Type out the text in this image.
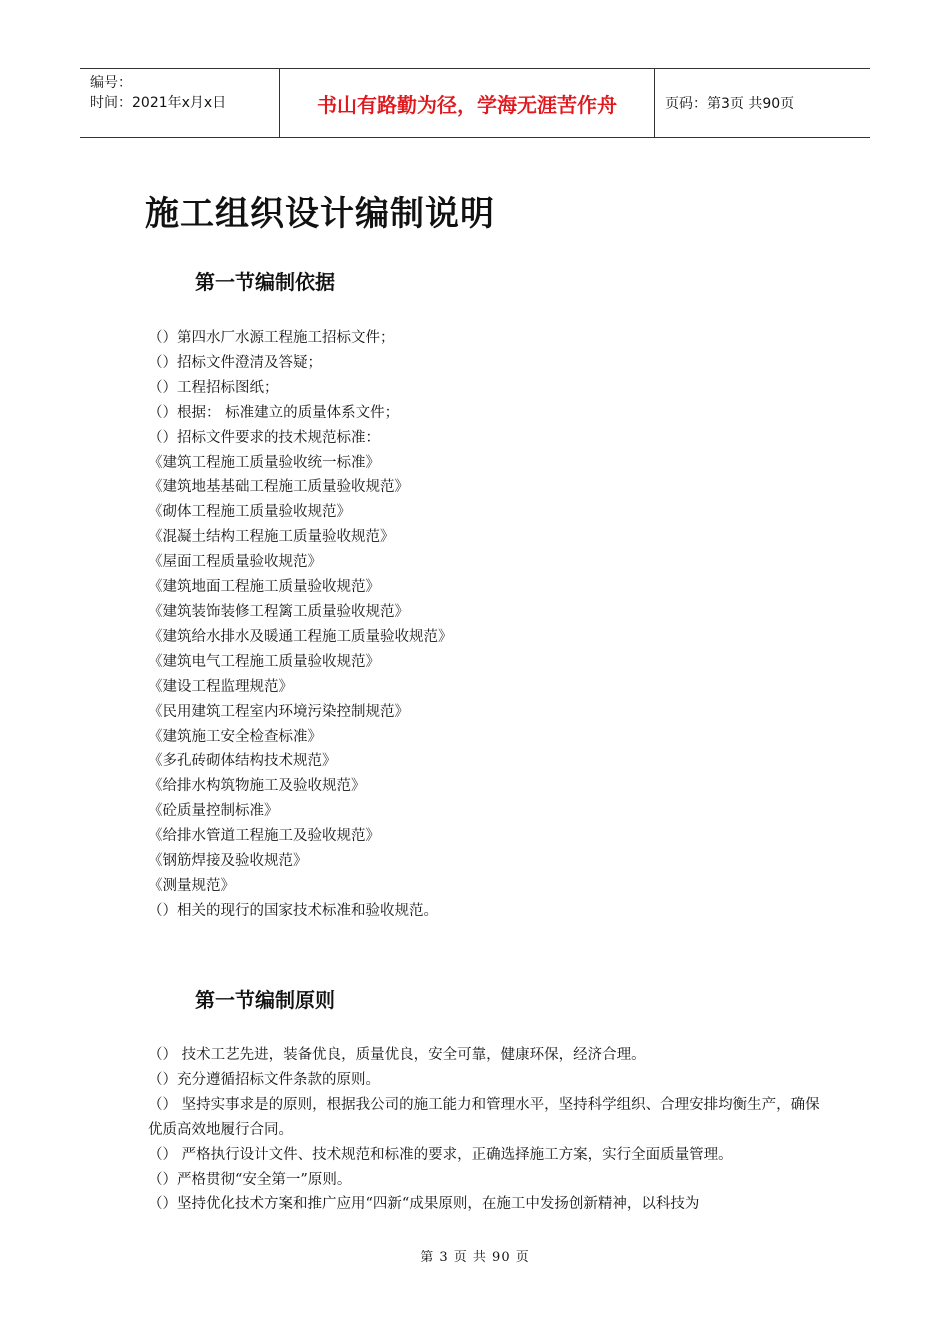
编号：
时间：2021年x月x日	书山有路勤为径，学海无涯苦作舟	页码：第3页 共90页
施工组织设计编制说明
第一节编制依据
（）第四水厂水源工程施工招标文件；
（）招标文件澄清及答疑；
（）工程招标图纸；
（）根据： 标准建立的质量体系文件；
（）招标文件要求的技术规范标准：
《建筑工程施工质量验收统一标准》
《建筑地基基础工程施工质量验收规范》
《砌体工程施工质量验收规范》
《混凝土结构工程施工质量验收规范》
《屋面工程质量验收规范》
《建筑地面工程施工质量验收规范》
《建筑装饰装修工程篱工质量验收规范》
《建筑给水排水及暖通工程施工质量验收规范》
《建筑电气工程施工质量验收规范》
《建设工程监理规范》
《民用建筑工程室内环境污染控制规范》
《建筑施工安全检查标准》
《多孔砖砌体结构技术规范》
《给排水构筑物施工及验收规范》
《砼质量控制标准》
《给排水管道工程施工及验收规范》
《钢筋焊接及验收规范》
《测量规范》
（）相关的现行的国家技术标准和验收规范。
第一节编制原则
（） 技术工艺先进，装备优良，质量优良，安全可靠，健康环保，经济合理。
（）充分遵循招标文件条款的原则。
（） 坚持实事求是的原则，根据我公司的施工能力和管理水平，坚持科学组织、合理安排均衡生产，确保优质高效地履行合同。
（） 严格执行设计文件、技术规范和标准的要求，正确选择施工方案，实行全面质量管理。
（）严格贯彻“安全第一”原则。
（）坚持优化技术方案和推广应用“四新“成果原则，在施工中发扬创新精神，以科技为
第 3 页 共 90 页
